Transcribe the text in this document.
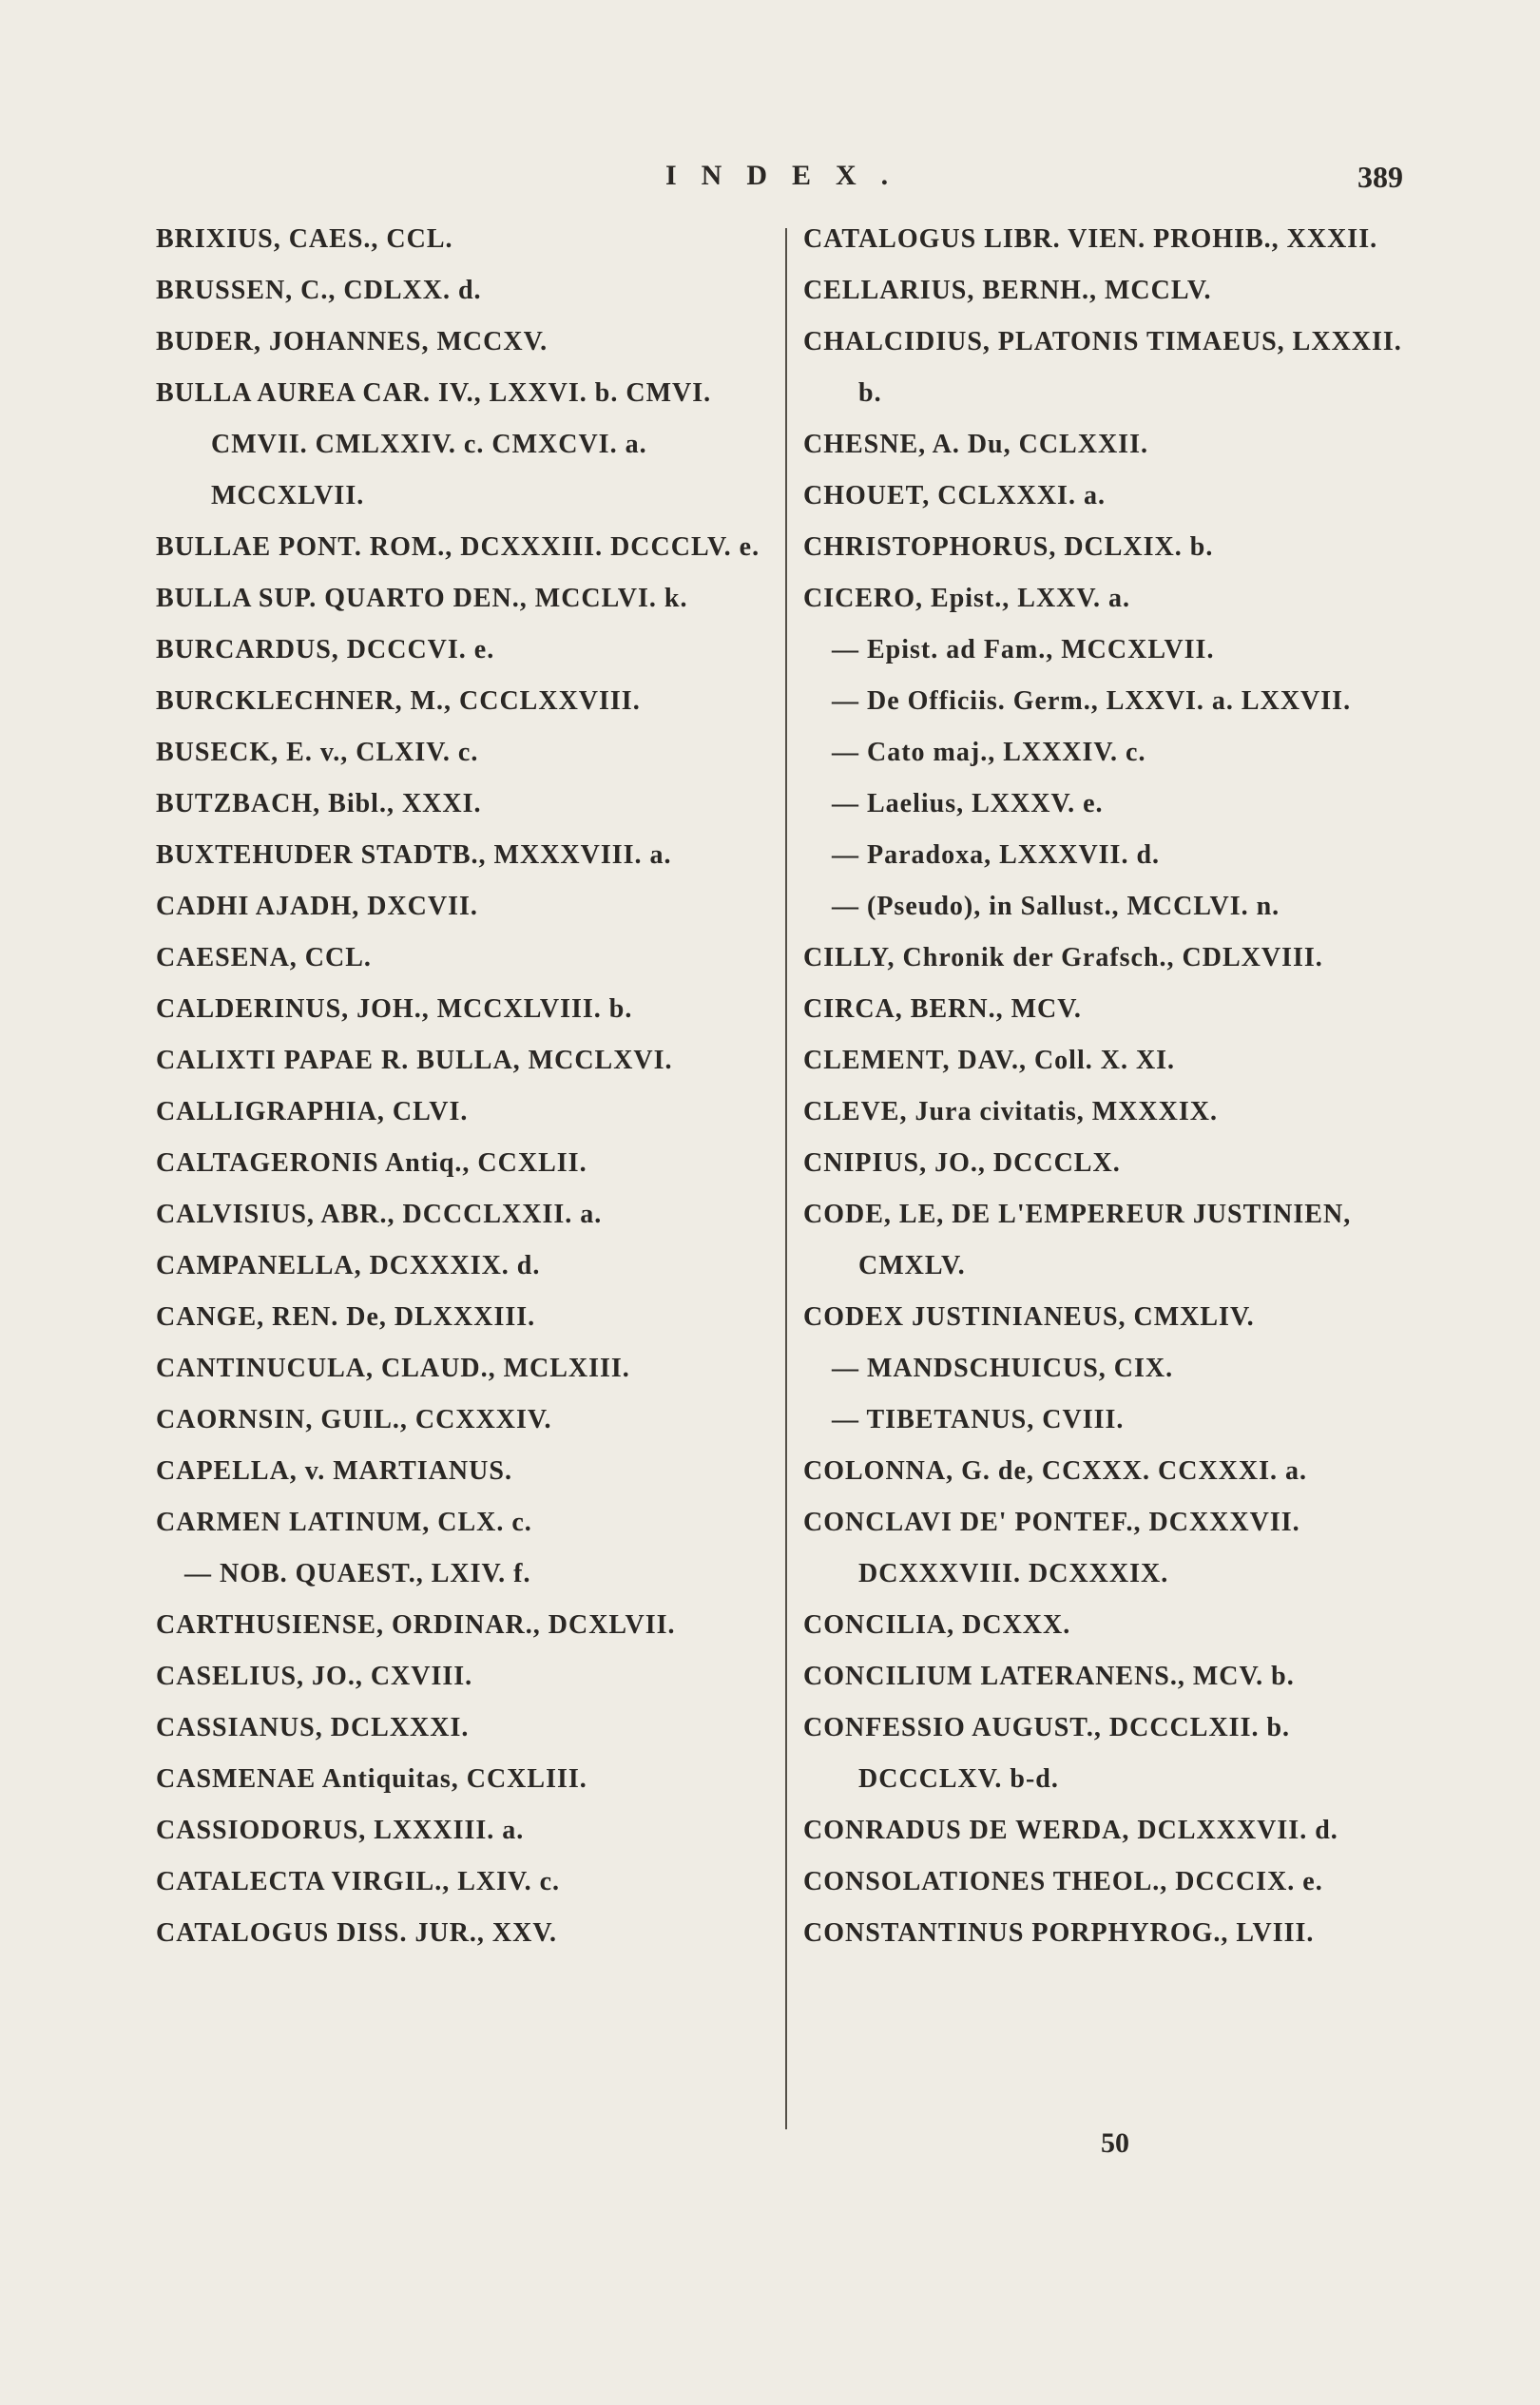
INDEX.	389
BRIXIUS, CAES., CCL.
BRUSSEN, C., CDLXX. d.
BUDER, JOHANNES, MCCXV.
BULLA AUREA CAR. IV., LXXVI. b. CMVI. CMVII. CMLXXIV. c. CMXCVI. a. MCCXLVII.
BULLAE PONT. ROM., DCXXXIII. DCCCLV. e.
BULLA SUP. QUARTO DEN., MCCLVI. k.
BURCARDUS, DCCCVI. e.
BURCKLECHNER, M., CCCLXXVIII.
BUSECK, E. v., CLXIV. c.
BUTZBACH, Bibl., XXXI.
BUXTEHUDER STADTB., MXXXVIII. a.
CADHI AJADH, DXCVII.
CAESENA, CCL.
CALDERINUS, JOH., MCCXLVIII. b.
CALIXTI PAPAE R. BULLA, MCCLXVI.
CALLIGRAPHIA, CLVI.
CALTAGERONIS Antiq., CCXLII.
CALVISIUS, ABR., DCCCLXXII. a.
CAMPANELLA, DCXXXIX. d.
CANGE, REN. De, DLXXXIII.
CANTINUCULA, CLAUD., MCLXIII.
CAORNSIN, GUIL., CCXXXIV.
CAPELLA, v. MARTIANUS.
CARMEN LATINUM, CLX. c.
— NOB. QUAEST., LXIV. f.
CARTHUSIENSE, ORDINAR., DCXLVII.
CASELIUS, JO., CXVIII.
CASSIANUS, DCLXXXI.
CASMENAE Antiquitas, CCXLIII.
CASSIODORUS, LXXXIII. a.
CATALECTA VIRGIL., LXIV. c.
CATALOGUS DISS. JUR., XXV.
CATALOGUS LIBR. VIEN. PROHIB., XXXII.
CELLARIUS, BERNH., MCCLV.
CHALCIDIUS, PLATONIS TIMAEUS, LXXXII. b.
CHESNE, A. Du, CCLXXII.
CHOUET, CCLXXXI. a.
CHRISTOPHORUS, DCLXIX. b.
CICERO, Epist., LXXV. a.
— Epist. ad Fam., MCCXLVII.
— De Officiis. Germ., LXXVI. a. LXXVII.
— Cato maj., LXXXIV. c.
— Laelius, LXXXV. e.
— Paradoxa, LXXXVII. d.
— (Pseudo), in Sallust., MCCLVI. n.
CILLY, Chronik der Grafsch., CDLXVIII.
CIRCA, BERN., MCV.
CLEMENT, DAV., Coll. X. XI.
CLEVE, Jura civitatis, MXXXIX.
CNIPIUS, JO., DCCCLX.
CODE, LE, DE L'EMPEREUR JUSTINIEN, CMXLV.
CODEX JUSTINIANEUS, CMXLIV.
— MANDSCHUICUS, CIX.
— TIBETANUS, CVIII.
COLONNA, G. de, CCXXX. CCXXXI. a.
CONCLAVI DE' PONTEF., DCXXXVII. DCXXXVIII. DCXXXIX.
CONCILIA, DCXXX.
CONCILIUM LATERANENS., MCV. b.
CONFESSIO AUGUST., DCCCLXII. b. DCCCLXV. b-d.
CONRADUS DE WERDA, DCLXXXVII. d.
CONSOLATIONES THEOL., DCCCIX. e.
CONSTANTINUS PORPHYROG., LVIII.
50
